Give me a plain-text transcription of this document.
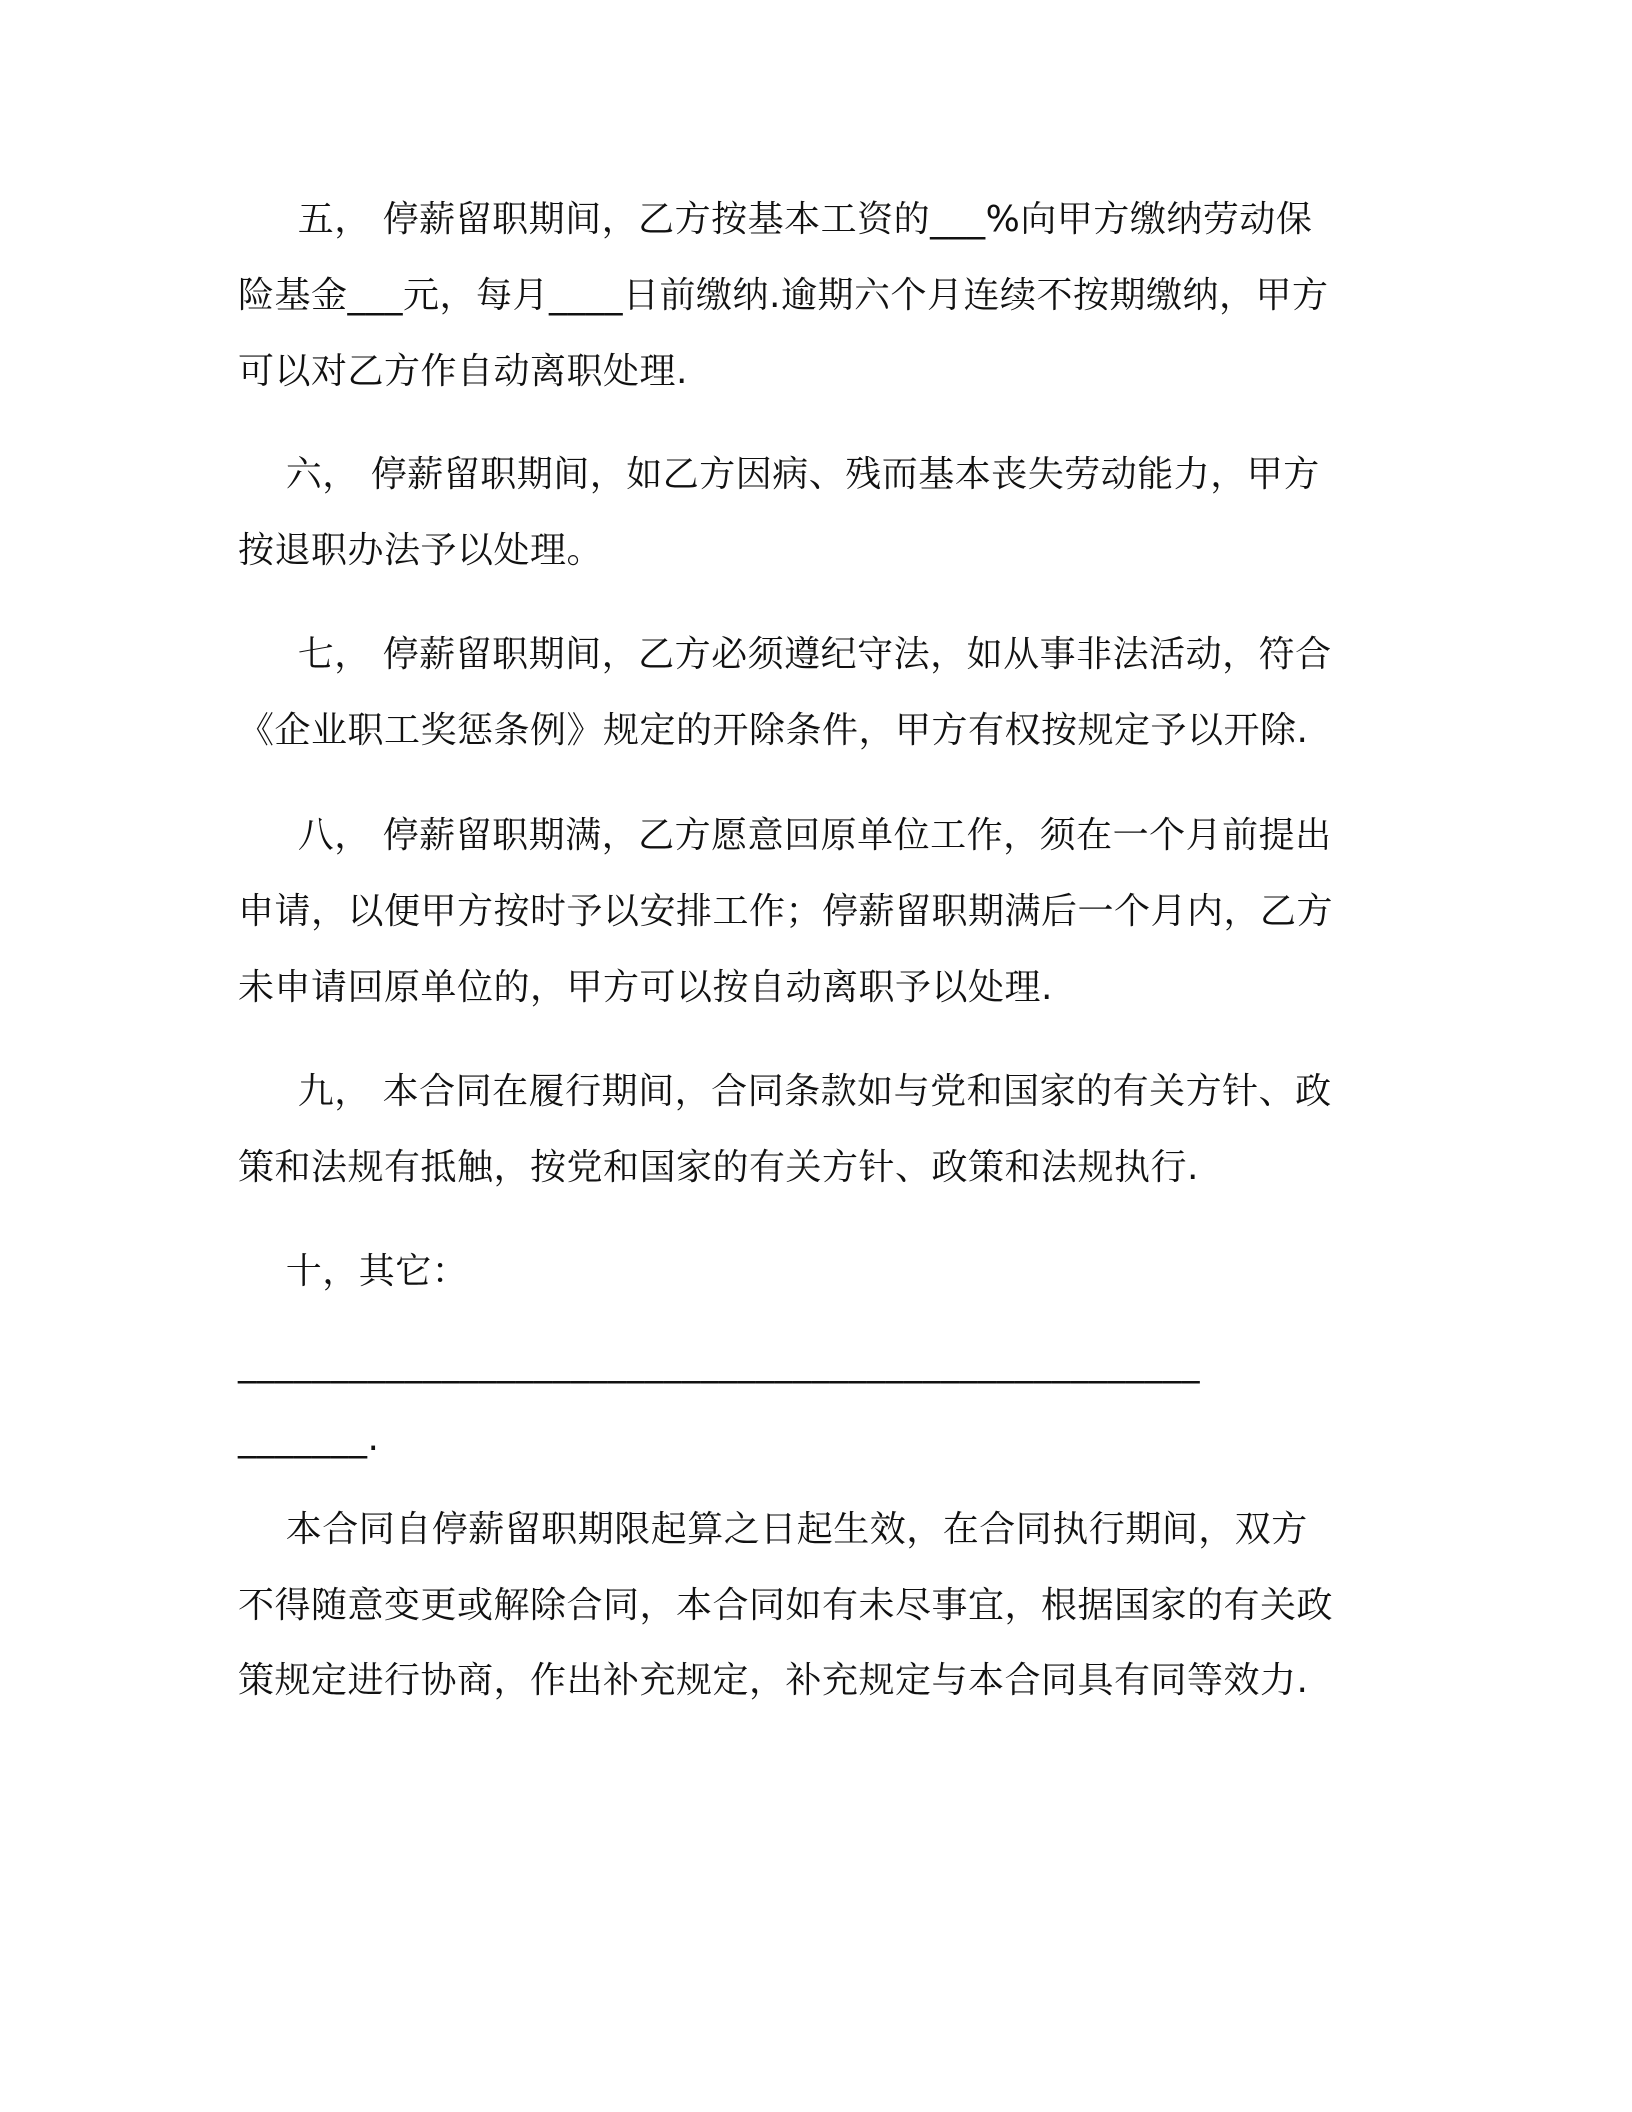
五， 停薪留职期间，乙方按基本工资的___%向甲方缴纳劳动保
险基金___元，每月____日前缴纳.逾期六个月连续不按期缴纳，甲方
可以对乙方作自动离职处理.
六， 停薪留职期间，如乙方因病、残而基本丧失劳动能力，甲方
按退职办法予以处理。
七， 停薪留职期间，乙方必须遵纪守法，如从事非法活动，符合
《企业职工奖惩条例》规定的开除条件，甲方有权按规定予以开除.
八， 停薪留职期满，乙方愿意回原单位工作，须在一个月前提出
申请，以便甲方按时予以安排工作；停薪留职期满后一个月内，乙方
未申请回原单位的，甲方可以按自动离职予以处理.
九， 本合同在履行期间，合同条款如与党和国家的有关方针、政
策和法规有抵触，按党和国家的有关方针、政策和法规执行.
十，其它：
____________________________________________________
_______.
本合同自停薪留职期限起算之日起生效，在合同执行期间，双方
不得随意变更或解除合同，本合同如有未尽事宜，根据国家的有关政
策规定进行协商，作出补充规定，补充规定与本合同具有同等效力.
